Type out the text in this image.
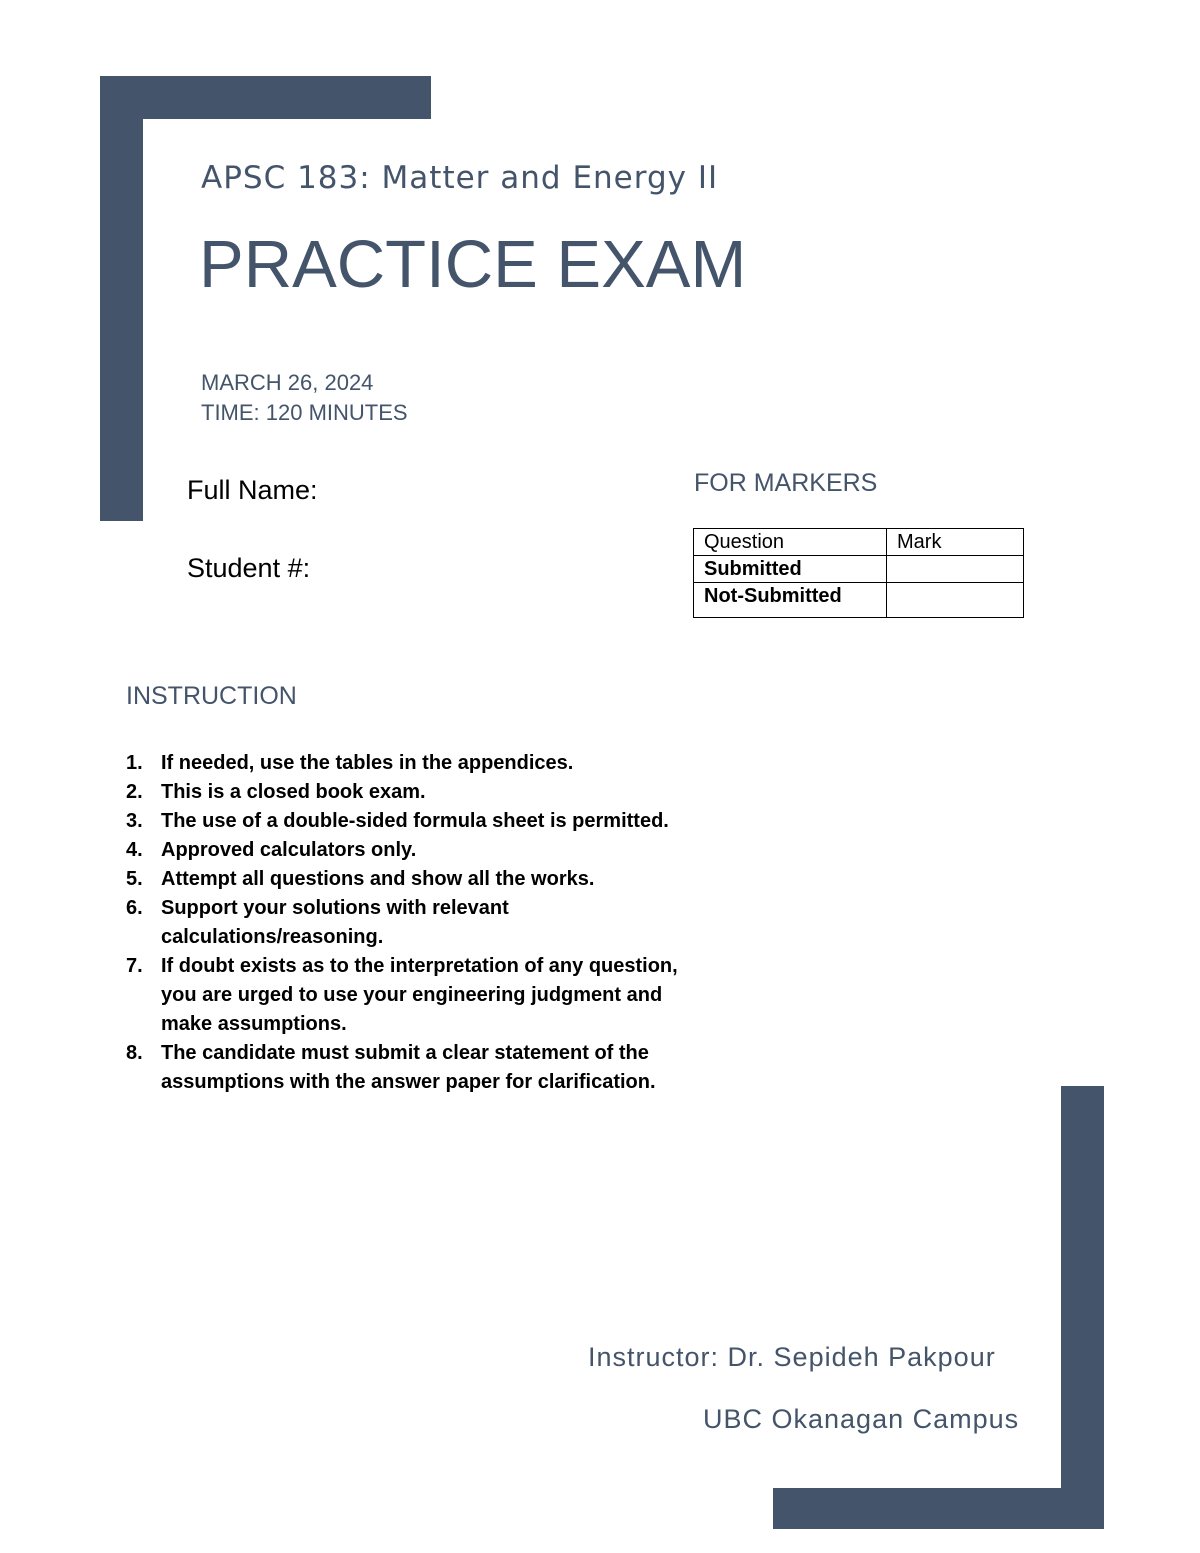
APSC 183: Matter and Energy II
PRACTICE EXAM
MARCH 26, 2024
TIME: 120 MINUTES
Full Name:
Student #:
FOR MARKERS
Question	Mark
Submitted	
Not-Submitted	
INSTRUCTION
1. If needed, use the tables in the appendices.
2. This is a closed book exam.
3. The use of a double-sided formula sheet is permitted.
4. Approved calculators only.
5. Attempt all questions and show all the works.
6. Support your solutions with relevant calculations/reasoning.
7. If doubt exists as to the interpretation of any question, you are urged to use your engineering judgment and make assumptions.
8. The candidate must submit a clear statement of the assumptions with the answer paper for clarification.
Instructor: Dr. Sepideh Pakpour
UBC Okanagan Campus
